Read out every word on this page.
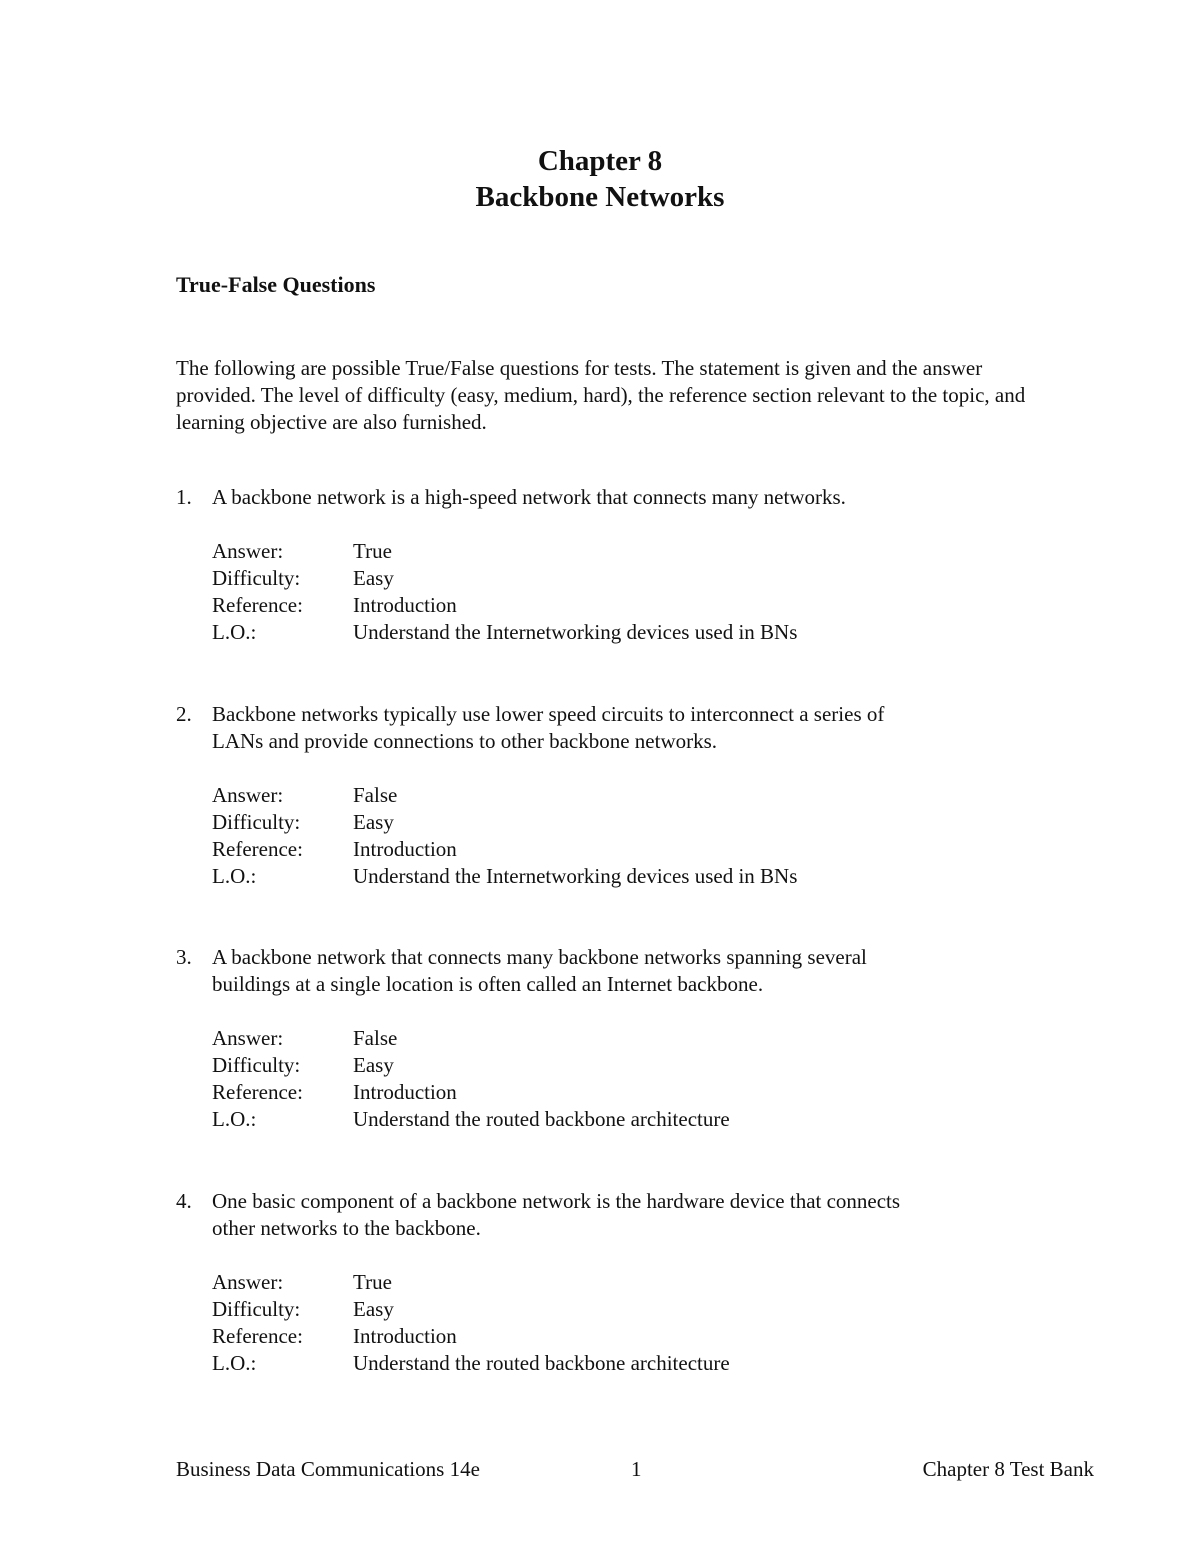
Chapter 8
Backbone Networks
True-False Questions

The following are possible True/False questions for tests. The statement is given and the answer provided. The level of difficulty (easy, medium, hard), the reference section relevant to the topic, and learning objective are also furnished.

1. A backbone network is a high-speed network that connects many networks.
Answer:	True
Difficulty:	Easy
Reference:	Introduction
L.O.:	Understand the Internetworking devices used in BNs
2. Backbone networks typically use lower speed circuits to interconnect a series of
LANs and provide connections to other backbone networks.
Answer:	False
Difficulty:	Easy
Reference:	Introduction
L.O.:	Understand the Internetworking devices used in BNs
3. A backbone network that connects many backbone networks spanning several
buildings at a single location is often called an Internet backbone.
Answer:	False
Difficulty:	Easy
Reference:	Introduction
L.O.:	Understand the routed backbone architecture
4. One basic component of a backbone network is the hardware device that connects
other networks to the backbone.
Answer:	True
Difficulty:	Easy
Reference:	Introduction
L.O.:	Understand the routed backbone architecture
Business Data Communications 14e	1	Chapter 8 Test Bank
